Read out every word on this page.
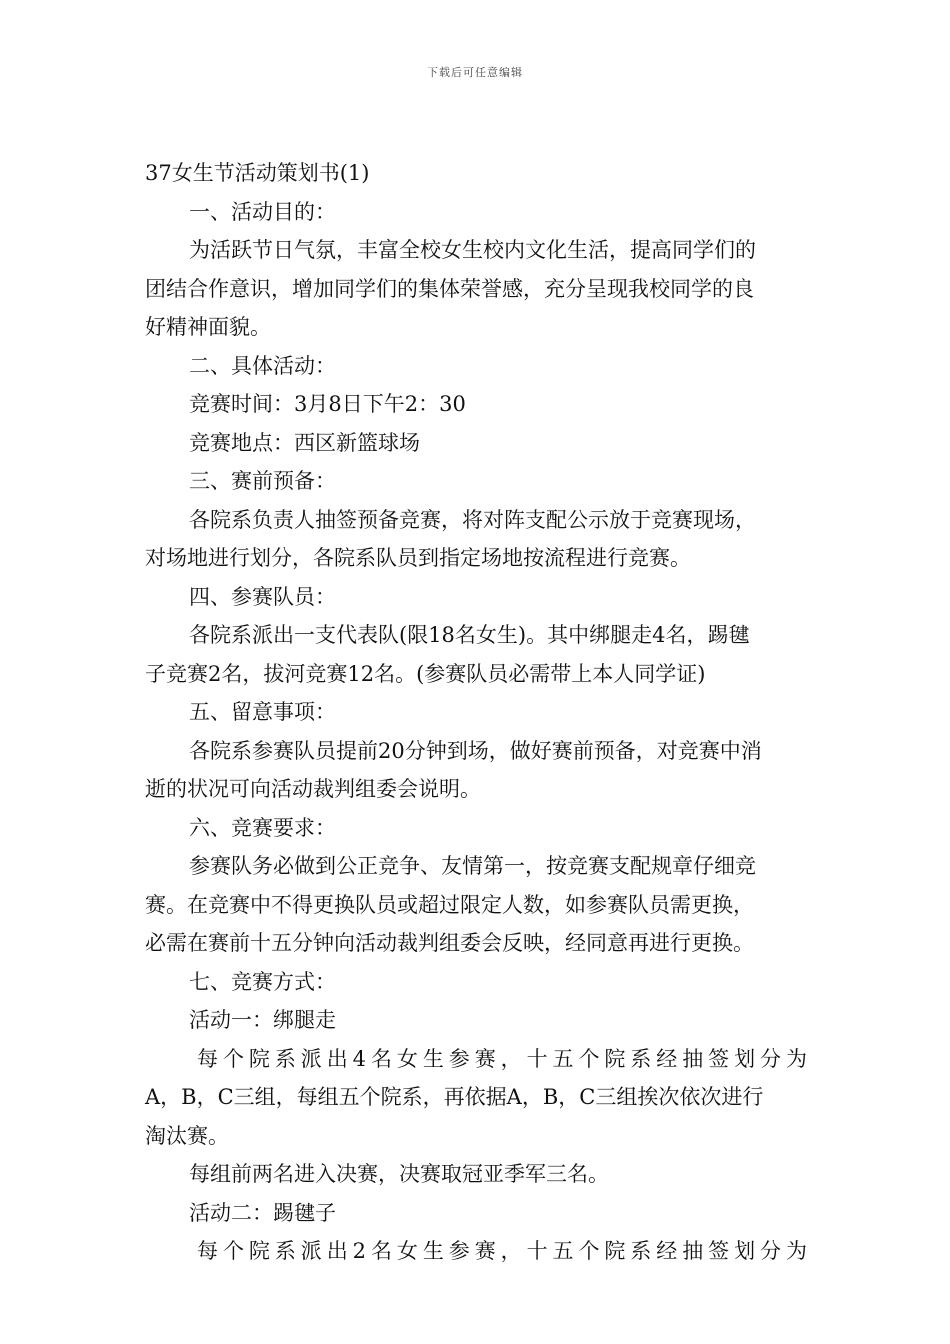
下载后可任意编辑
37女生节活动策划书(1)
一、活动目的：
为活跃节日气氛，丰富全校女生校内文化生活，提高同学们的
团结合作意识，增加同学们的集体荣誉感，充分呈现我校同学的良
好精神面貌。
二、具体活动：
竞赛时间：3月8日下午2：30
竞赛地点：西区新篮球场
三、赛前预备：
各院系负责人抽签预备竞赛，将对阵支配公示放于竞赛现场，
对场地进行划分，各院系队员到指定场地按流程进行竞赛。
四、参赛队员：
各院系派出一支代表队(限18名女生)。其中绑腿走4名，踢毽
子竞赛2名，拔河竞赛12名。(参赛队员必需带上本人同学证)
五、留意事项：
各院系参赛队员提前20分钟到场，做好赛前预备，对竞赛中消
逝的状况可向活动裁判组委会说明。
六、竞赛要求：
参赛队务必做到公正竞争、友情第一，按竞赛支配规章仔细竞
赛。在竞赛中不得更换队员或超过限定人数，如参赛队员需更换，
必需在赛前十五分钟向活动裁判组委会反映，经同意再进行更换。
七、竞赛方式：
活动一：绑腿走
每 个 院 系 派 出 4 名 女 生 参 赛 ， 十 五 个 院 系 经 抽 签 划 分 为
A，B，C三组，每组五个院系，再依据A，B，C三组挨次依次进行
淘汰赛。
每组前两名进入决赛，决赛取冠亚季军三名。
活动二：踢毽子
每 个 院 系 派 出 2 名 女 生 参 赛 ， 十 五 个 院 系 经 抽 签 划 分 为
